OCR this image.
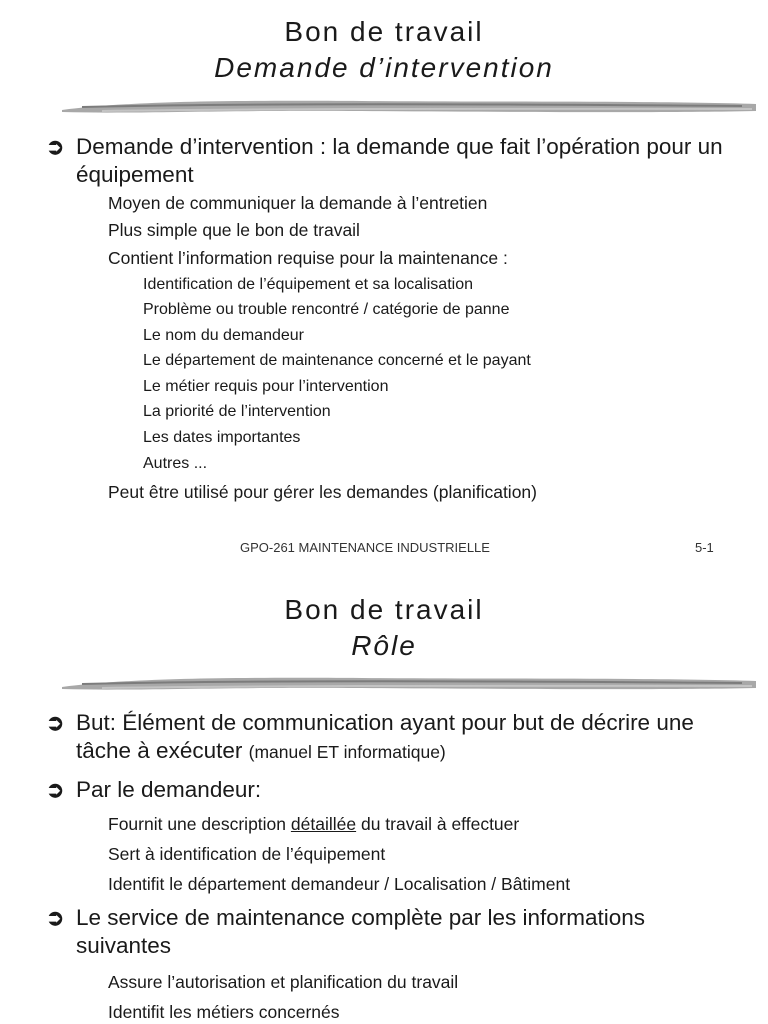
Bon de travail
Demande d’intervention
➲ Demande d’intervention : la demande que fait l’opération pour un équipement
Moyen de communiquer la demande à l’entretien
Plus simple que le bon de travail
Contient l’information requise pour la maintenance :
Identification de l’équipement et sa localisation
Problème ou trouble rencontré / catégorie de panne
Le nom du demandeur
Le département de maintenance concerné et le payant
Le métier requis pour l’intervention
La priorité de l’intervention
Les dates importantes
Autres ...
Peut être utilisé pour gérer les demandes (planification)
GPO-261 MAINTENANCE INDUSTRIELLE	5-1
Bon de travail
Rôle
➲ But: Élément de communication ayant pour but de décrire une tâche à exécuter (manuel ET informatique)
➲ Par le demandeur:
Fournit une description détaillée du travail à effectuer
Sert à identification de l’équipement
Identifit le département demandeur / Localisation / Bâtiment
➲ Le service de maintenance complète par les informations suivantes
Assure l’autorisation et planification du travail
Identifit les métiers concernés
